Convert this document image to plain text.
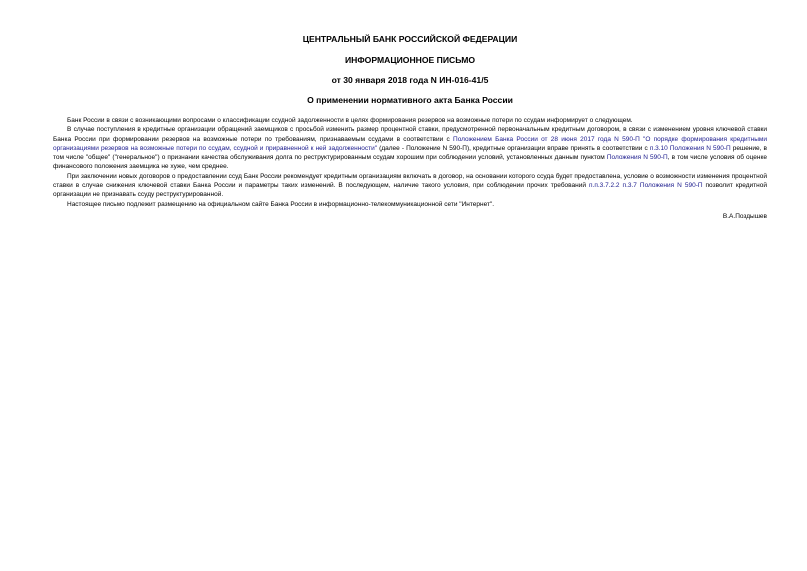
ЦЕНТРАЛЬНЫЙ БАНК РОССИЙСКОЙ ФЕДЕРАЦИИ

ИНФОРМАЦИОННОЕ ПИСЬМО

от 30 января 2018 года N ИН-016-41/5

О применении нормативного акта Банка России

Банк России в связи с возникающими вопросами о классификации ссудной задолженности в целях формирования резервов на возможные потери по ссудам информирует о следующем.

В случае поступления в кредитные организации обращений заемщиков с просьбой изменить размер процентной ставки, предусмотренной первоначальным кредитным договором, в связи с изменением уровня ключевой ставки Банка России при формировании резервов на возможные потери по требованиям, признаваемым ссудами в соответствии с Положением Банка России от 28 июня 2017 года N 590-П "О порядке формирования кредитными организациями резервов на возможные потери по ссудам, ссудной и приравненной к ней задолженности" (далее - Положение N 590-П), кредитные организации вправе принять в соответствии с п.3.10 Положения N 590-П решение, в том числе "общее" ("генеральное") о признании качества обслуживания долга по реструктурированным ссудам хорошим при соблюдении условий, установленных данным пунктом Положения N 590-П, в том числе условия об оценке финансового положения заемщика не хуже, чем среднее.

При заключении новых договоров о предоставлении ссуд Банк России рекомендует кредитным организациям включать в договор, на основании которого ссуда будет предоставлена, условие о возможности изменения процентной ставки в случае снижения ключевой ставки Банка России и параметры таких изменений. В последующем, наличие такого условия, при соблюдении прочих требований п.п.3.7.2.2 п.3.7 Положения N 590-П позволит кредитной организации не признавать ссуду реструктурированной.

Настоящее письмо подлежит размещению на официальном сайте Банка России в информационно-телекоммуникационной сети "Интернет".

В.А.Поздышев
